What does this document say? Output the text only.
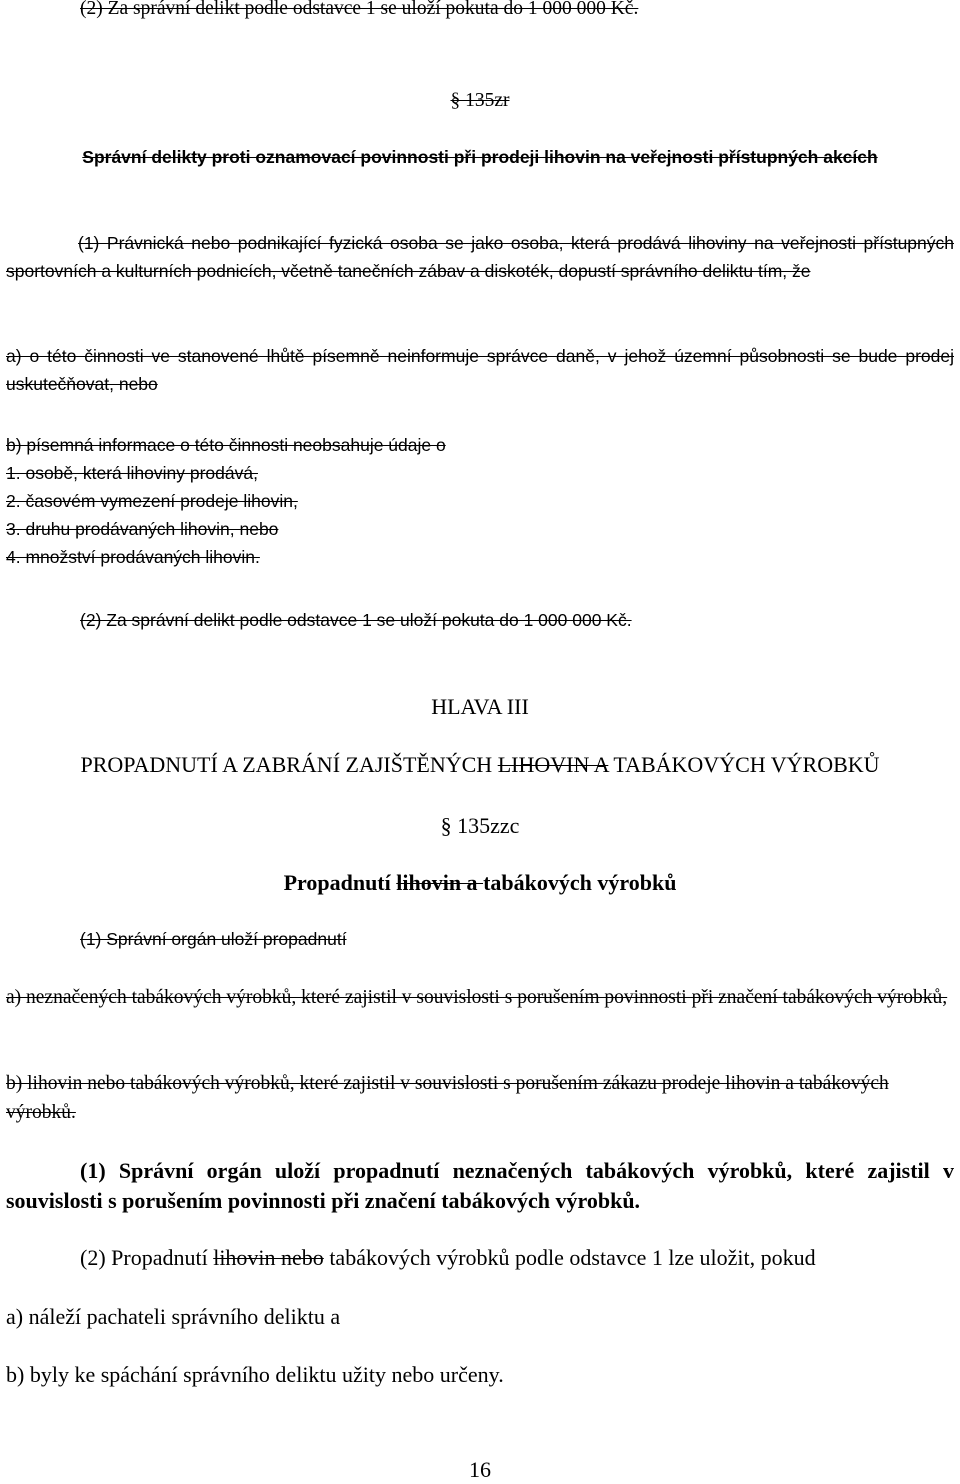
(2) Za správní delikt podle odstavce 1 se uloží pokuta do 1 000 000 Kč.
§ 135zr
Správní delikty proti oznamovací povinnosti při prodeji lihovin na veřejnosti přístupných akcích
(1) Právnická nebo podnikající fyzická osoba se jako osoba, která prodává lihoviny na veřejnosti přístupných sportovních a kulturních podnicích, včetně tanečních zábav a diskoték, dopustí správního deliktu tím, že
a) o této činnosti ve stanovené lhůtě písemně neinformuje správce daně, v jehož územní působnosti se bude prodej uskutečňovat, nebo
b) písemná informace o této činnosti neobsahuje údaje o
1. osobě, která lihoviny prodává,
2. časovém vymezení prodeje lihovin,
3. druhu prodávaných lihovin, nebo
4. množství prodávaných lihovin.
(2) Za správní delikt podle odstavce 1 se uloží pokuta do 1 000 000 Kč.
HLAVA III
PROPADNUTÍ A ZABRÁNÍ ZAJIŠTĚNÝCH LIHOVIN A TABÁKOVÝCH VÝROBKŮ
§ 135zzc
Propadnutí lihovin a tabákových výrobků
(1) Správní orgán uloží propadnutí
a) neznačených tabákových výrobků, které zajistil v souvislosti s porušením povinnosti při značení tabákových výrobků,
b) lihovin nebo tabákových výrobků, které zajistil v souvislosti s porušením zákazu prodeje lihovin a tabákových výrobků.
(1) Správní orgán uloží propadnutí neznačených tabákových výrobků, které zajistil v souvislosti s porušením povinnosti při značení tabákových výrobků.
(2) Propadnutí lihovin nebo tabákových výrobků podle odstavce 1 lze uložit, pokud
a) náleží pachateli správního deliktu a
b) byly ke spáchání správního deliktu užity nebo určeny.
16
